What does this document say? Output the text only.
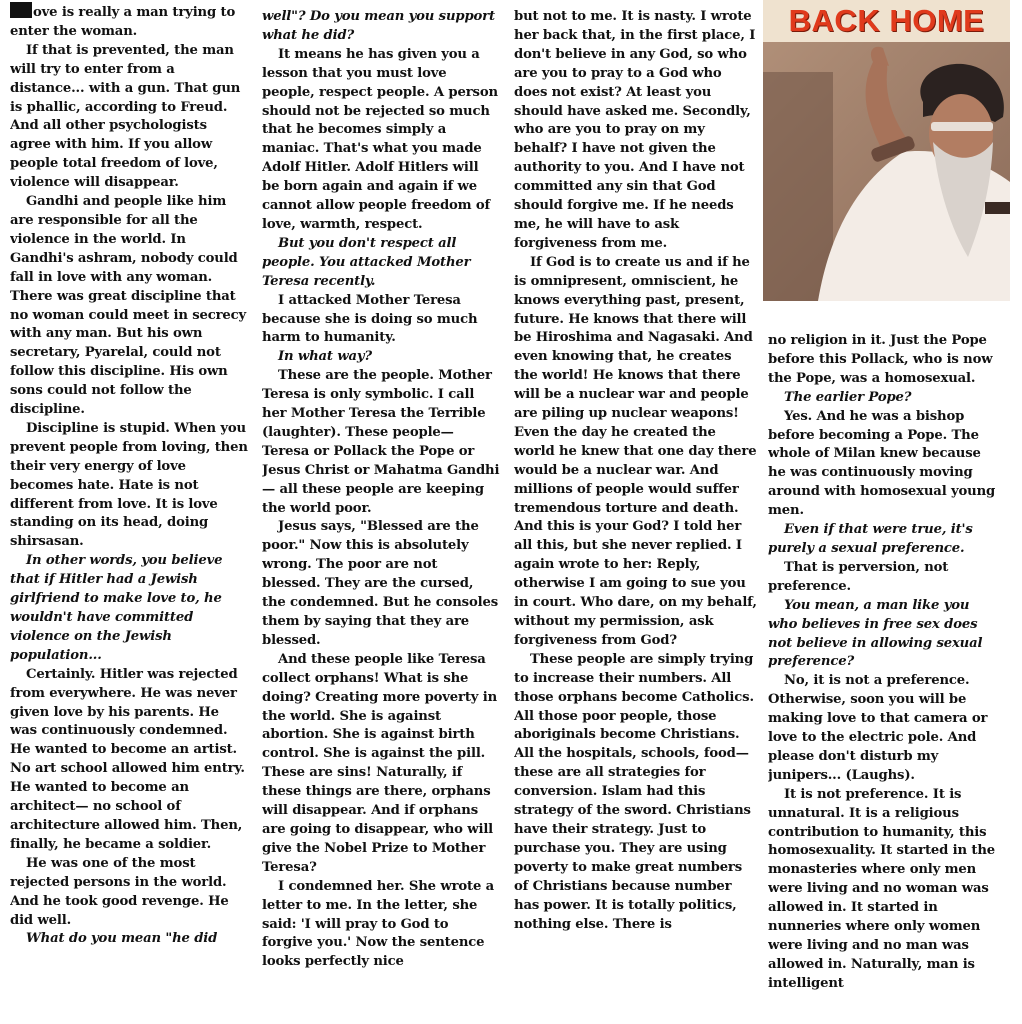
ove is really a man trying to enter the woman.

If that is prevented, the man will try to enter from a distance... with a gun. That gun is phallic, according to Freud. And all other psychologists agree with him. If you allow people total freedom of love, violence will disappear.

Gandhi and people like him are responsible for all the violence in the world. In Gandhi's ashram, nobody could fall in love with any woman. There was great discipline that no woman could meet in secrecy with any man. But his own secretary, Pyarelal, could not follow this discipline. His own sons could not follow the discipline.

Discipline is stupid. When you prevent people from loving, then their very energy of love becomes hate. Hate is not different from love. It is love standing on its head, doing shirsasan.

In other words, you believe that if Hitler had a Jewish girlfriend to make love to, he wouldn't have committed violence on the Jewish population...

Certainly. Hitler was rejected from everywhere. He was never given love by his parents. He was continuously condemned. He wanted to become an artist. No art school allowed him entry. He wanted to become an architect— no school of architecture allowed him. Then, finally, he became a soldier.

He was one of the most rejected persons in the world. And he took good revenge. He did well.

What do you mean "he did

well"? Do you mean you support what he did?

It means he has given you a lesson that you must love people, respect people. A person should not be rejected so much that he becomes simply a maniac. That's what you made Adolf Hitler. Adolf Hitlers will be born again and again if we cannot allow people freedom of love, warmth, respect.

But you don't respect all people. You attacked Mother Teresa recently.

I attacked Mother Teresa because she is doing so much harm to humanity.

In what way?

These are the people. Mother Teresa is only symbolic. I call her Mother Teresa the Terrible (laughter). These people— Teresa or Pollack the Pope or Jesus Christ or Mahatma Gandhi— all these people are keeping the world poor.

Jesus says, "Blessed are the poor." Now this is absolutely wrong. The poor are not blessed. They are the cursed, the condemned. But he consoles them by saying that they are blessed.

And these people like Teresa collect orphans! What is she doing? Creating more poverty in the world. She is against abortion. She is against birth control. She is against the pill. These are sins! Naturally, if these things are there, orphans will disappear. And if orphans are going to disappear, who will give the Nobel Prize to Mother Teresa?

I condemned her. She wrote a letter to me. In the letter, she said: 'I will pray to God to forgive you.' Now the sentence looks perfectly nice

but not to me. It is nasty. I wrote her back that, in the first place, I don't believe in any God, so who are you to pray to a God who does not exist? At least you should have asked me. Secondly, who are you to pray on my behalf? I have not given the authority to you. And I have not committed any sin that God should forgive me. If he needs me, he will have to ask forgiveness from me.

If God is to create us and if he is omnipresent, omniscient, he knows everything past, present, future. He knows that there will be Hiroshima and Nagasaki. And even knowing that, he creates the world! He knows that there will be a nuclear war and people are piling up nuclear weapons! Even the day he created the world he knew that one day there would be a nuclear war. And millions of people would suffer tremendous torture and death. And this is your God? I told her all this, but she never replied. I again wrote to her: Reply, otherwise I am going to sue you in court. Who dare, on my behalf, without my permission, ask forgiveness from God?

These people are simply trying to increase their numbers. All those orphans become Catholics. All those poor people, those aboriginals become Christians. All the hospitals, schools, food— these are all strategies for conversion. Islam had this strategy of the sword. Christians have their strategy. Just to purchase you. They are using poverty to make great numbers of Christians because number has power. It is totally politics, nothing else. There is

BACK HOME

no religion in it. Just the Pope before this Pollack, who is now the Pope, was a homosexual.

The earlier Pope?

Yes. And he was a bishop before becoming a Pope. The whole of Milan knew because he was continuously moving around with homosexual young men.

Even if that were true, it's purely a sexual preference.

That is perversion, not preference.

You mean, a man like you who believes in free sex does not believe in allowing sexual preference?

No, it is not a preference. Otherwise, soon you will be making love to that camera or love to the electric pole. And please don't disturb my junipers... (Laughs).

It is not preference. It is unnatural. It is a religious contribution to humanity, this homosexuality. It started in the monasteries where only men were living and no woman was allowed in. It started in nunneries where only women were living and no man was allowed in. Naturally, man is intelligent
